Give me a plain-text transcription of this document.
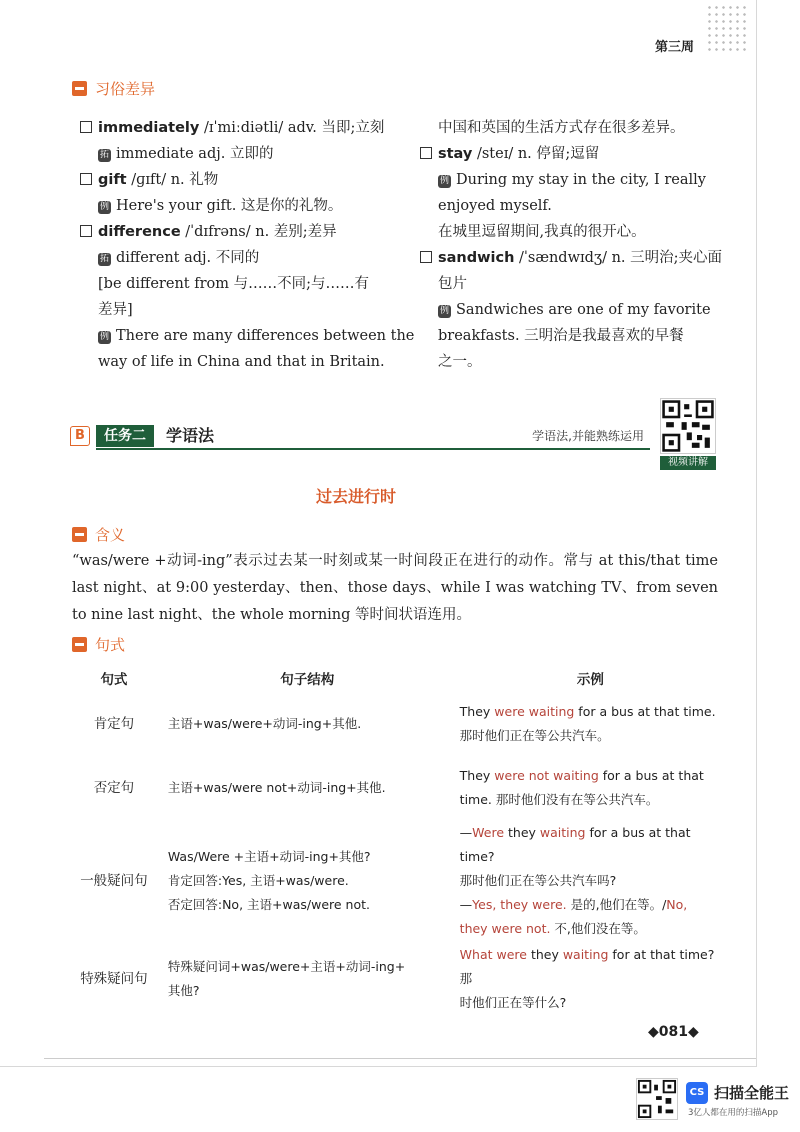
第三周
习俗差异
immediately /ɪˈmiːdiətli/ adv. 当即;立刻
拓 immediate adj. 立即的
gift /ɡɪft/ n. 礼物
例 Here's your gift. 这是你的礼物。
difference /ˈdɪfrəns/ n. 差别;差异
拓 different adj. 不同的
[be different from 与……不同;与……有
差异]
例 There are many differences between the
way of life in China and that in Britain.
中国和英国的生活方式存在很多差异。
stay /steɪ/ n. 停留;逗留
例 During my stay in the city, I really
enjoyed myself.
在城里逗留期间,我真的很开心。
sandwich /ˈsændwɪdʒ/ n. 三明治;夹心面
包片
例 Sandwiches are one of my favorite
breakfasts. 三明治是我最喜欢的早餐
之一。
B	任务二	学语法	学语法,并能熟练运用
视频讲解
过去进行时
含义
“was/were +动词-ing”表示过去某一时刻或某一时间段正在进行的动作。常与 at this/that time last night、at 9:00 yesterday、then、those days、while I was watching TV、from seven to nine last night、the whole morning 等时间状语连用。
句式
句式	句子结构	示例
肯定句	主语+was/were+动词-ing+其他.	They were waiting for a bus at that time.
那时他们正在等公共汽车。
否定句	主语+was/were not+动词-ing+其他.	They were not waiting for a bus at that
time. 那时他们没有在等公共汽车。
一般疑问句	Was/Were +主语+动词-ing+其他?
肯定回答:Yes, 主语+was/were.
否定回答:No, 主语+was/were not.	—Were they waiting for a bus at that time?
那时他们正在等公共汽车吗?
—Yes, they were. 是的,他们在等。/No,
they were not. 不,他们没在等。
特殊疑问句	特殊疑问词+was/were+主语+动词-ing+
其他?	What were they waiting for at that time? 那
时他们正在等什么?
◆081◆
CS 扫描全能王
3亿人都在用的扫描App
